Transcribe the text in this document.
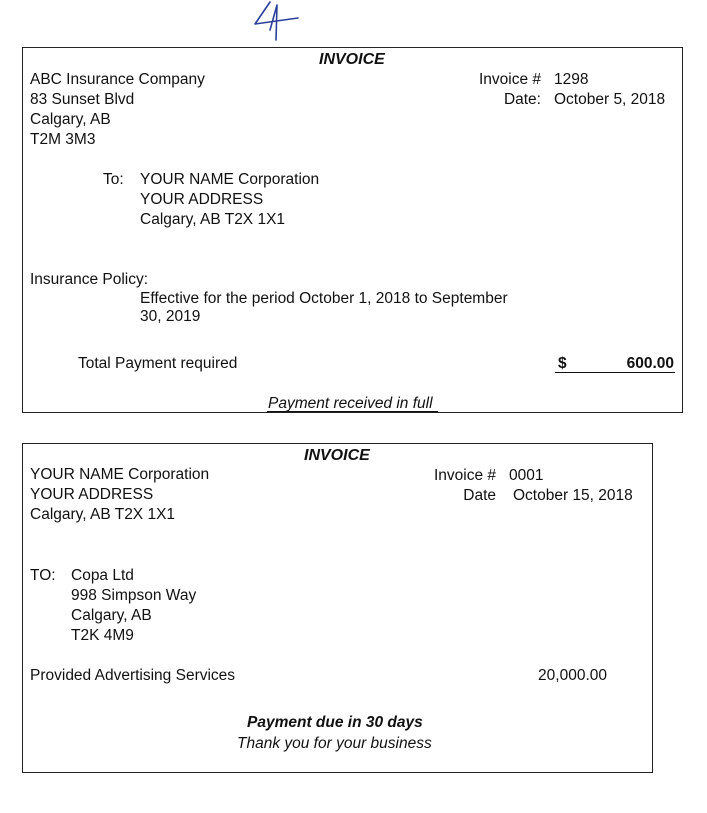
INVOICE
ABC Insurance Company
83 Sunset Blvd
Calgary, AB
T2M 3M3
Invoice # 1298
Date: October 5, 2018
To: YOUR NAME Corporation
YOUR ADDRESS
Calgary, AB T2X 1X1
Insurance Policy:
Effective for the period October 1, 2018 to September
30, 2019
Total Payment required	$	600.00
Payment received in full
INVOICE
YOUR NAME Corporation
YOUR ADDRESS
Calgary, AB T2X 1X1
Invoice # 0001
Date October 15, 2018
TO: Copa Ltd
998 Simpson Way
Calgary, AB
T2K 4M9
Provided Advertising Services	20,000.00
Payment due in 30 days
Thank you for your business
